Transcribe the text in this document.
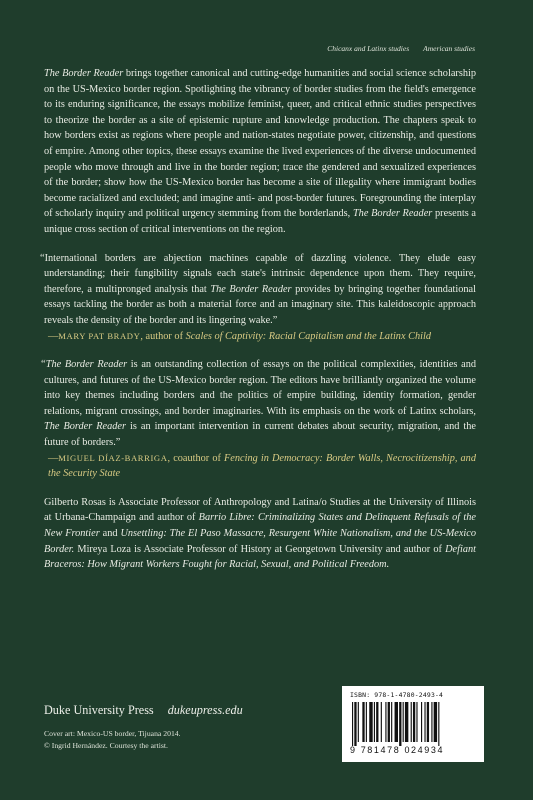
Chicanx and Latinx studies American studies

The Border Reader brings together canonical and cutting-edge humanities and social science scholarship on the US-Mexico border region. Spotlighting the vibrancy of border studies from the field's emergence to its enduring significance, the essays mobilize feminist, queer, and critical ethnic studies perspectives to theorize the border as a site of epistemic rupture and knowledge production. The chapters speak to how borders exist as regions where people and nation-states negotiate power, citizenship, and questions of empire. Among other topics, these essays examine the lived experiences of the diverse undocumented people who move through and live in the border region; trace the gendered and sexualized experiences of the border; show how the US-Mexico border has become a site of illegality where immigrant bodies become racialized and excluded; and imagine anti- and post-border futures. Foregrounding the interplay of scholarly inquiry and political urgency stemming from the borderlands, The Border Reader presents a unique cross section of critical interventions on the region.

“International borders are abjection machines capable of dazzling violence. They elude easy understanding; their fungibility signals each state's intrinsic dependence upon them. They require, therefore, a multipronged analysis that The Border Reader provides by bringing together foundational essays tackling the border as both a material force and an imaginary site. This kaleidoscopic approach reveals the density of the border and its lingering wake.”
—MARY PAT BRADY, author of Scales of Captivity: Racial Capitalism and the Latinx Child

“The Border Reader is an outstanding collection of essays on the political complexities, identities and cultures, and futures of the US-Mexico border region. The editors have brilliantly organized the volume into key themes including borders and the politics of empire building, identity formation, gender relations, migrant crossings, and border imaginaries. With its emphasis on the work of Latinx scholars, The Border Reader is an important intervention in current debates about security, migration, and the future of borders.”
—MIGUEL DÍAZ-BARRIGA, coauthor of Fencing in Democracy: Border Walls, Necrocitizenship, and the Security State

Gilberto Rosas is Associate Professor of Anthropology and Latina/o Studies at the University of Illinois at Urbana-Champaign and author of Barrio Libre: Criminalizing States and Delinquent Refusals of the New Frontier and Unsettling: The El Paso Massacre, Resurgent White Nationalism, and the US-Mexico Border. Mireya Loza is Associate Professor of History at Georgetown University and author of Defiant Braceros: How Migrant Workers Fought for Racial, Sexual, and Political Freedom.

Duke University Press dukeupress.edu
Cover art: Mexico-US border, Tijuana 2014.
© Ingrid Hernández. Courtesy the artist.
ISBN: 978-1-4780-2493-4
9 781478 024934
